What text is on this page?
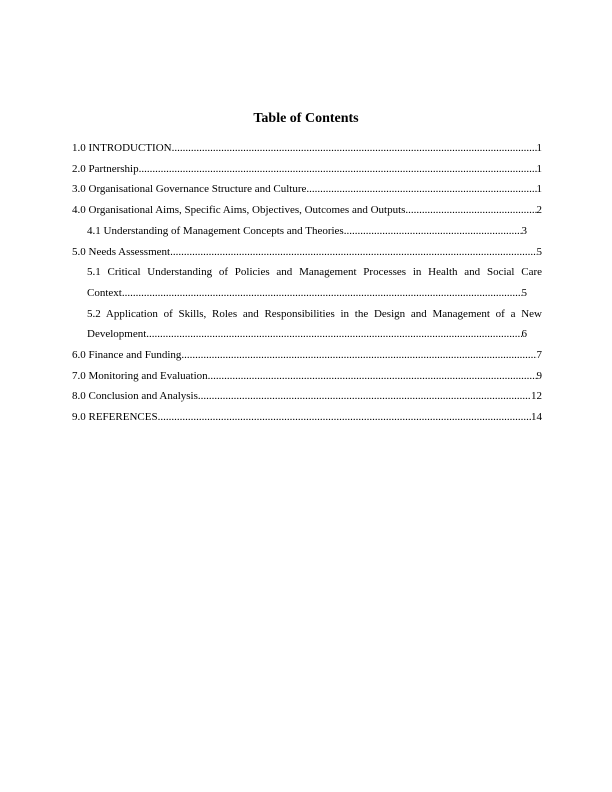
Table of Contents
1.0 INTRODUCTION .....	1
2.0 Partnership .....	1
3.0 Organisational Governance Structure and Culture .....	1
4.0 Organisational Aims, Specific Aims, Objectives, Outcomes and Outputs .....	2
4.1 Understanding of Management Concepts and Theories .....	3
5.0 Needs Assessment .....	5
5.1 Critical Understanding of Policies and Management Processes in Health and Social Care
Context .....	5
5.2 Application of Skills, Roles and Responsibilities in the Design and Management of a New
Development .....	6
6.0 Finance and Funding .....	7
7.0 Monitoring and Evaluation .....	9
8.0 Conclusion and Analysis .....	12
9.0 REFERENCES .....	14
